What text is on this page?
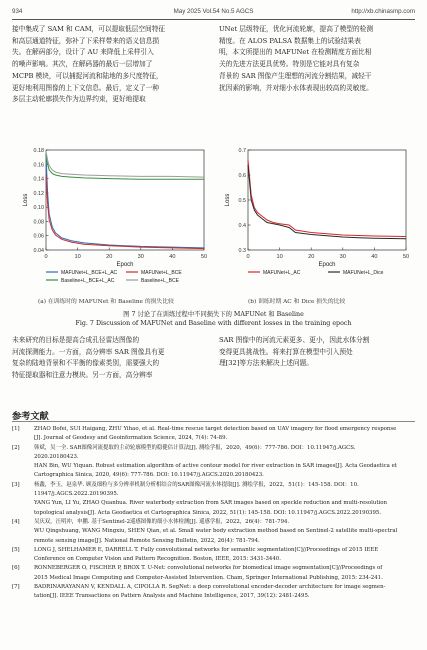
934	May 2025 Vol.54 No.5 AGCS	http://xb.chinasmp.com
接中集成了 SAM 和 CAM，可以提取低层空间特征
和高层通道特征，弥补了下采样带来的语义信息损
失。在解码部分，设计了 AU 来降低上采样引入
的噪声影响。其次，在解码器的最后一层增加了
MCPB 模块，可以捕捉河流和陆地的多尺度特征，
更好地利用图像的上下文信息。最后，定义了一种
多层主动轮廓损失作为边界约束，更好地提取
UNet 层级特征，优化河流轮廓，提高了模型的检测
精度。在 ALOS PALSA 数据集上的试验结果表
明，本文所提出的 MAFUNet 在检测精度方面比相
关的先进方法更具优势。特别是它能对具有复杂
背景的 SAR 图像产生理想的河流分割结果，减轻干
扰因素的影响，并对细小水体表现出较高的灵敏度。
0	10	20	30	40	50
0.04
0.06
0.08
0.10
0.12
0.14
0.16
0.18
Epoch
Loss
MAFUNet+L_BCE+L_AC	MAFUNet+L_BCE
Baseline+L_BCE+L_AC	Baseline+L_BCE
0	10	20	30	40	50
0.3
0.4
0.5
0.6
0.7
Epoch
Loss
MAFUNet+L_AC	MAFUNet+L_Dice
(a) 在训练时的 MAFUNet 和 Baseline 的损失比较	(b) 训练时期 AC 和 Dice 损失的比较
图 7 讨论了在训练过程中不同损失下的 MAFUNet 和 Baseline
Fig. 7 Discussion of MAFUNet and Baseline with different losses in the training epoch
未来研究的目标是提高合成孔径雷达图像的
河流探测能力。一方面，高分辨率 SAR 图像具有更
复杂的陆地背景和不平衡的像素类别，需要强大的
特征提取器和注意力模块。另一方面，高分辨率
SAR 图像中的河流元素更多、更小，因此水体分割
变得更具挑战性。将来打算在模型中引入预处
理[32]等方法来解决上述问题。
参考文献
[1]	ZHAO Bofei, SUI Haigang, ZHU Yihao, et al. Real-time rescue target detection based on UAV imagery for flood emergency response
[J]. Journal of Geodesy and Geoinformation Science, 2024, 7(4): 74-89.
[2]	韩斌，吴一全. SAR图像河流提取的主动轮廓模型的稳健估计算法[J]. 测绘学报，2020，49(6)：777-786. DOI：10.11947/j.AGCS.
2020.20180423.
HAN Bin, WU Yiquan. Robust estimation algorithm of active contour model for river extraction in SAR images[J]. Acta Geodaetica et
Cartographica Sinica, 2020, 49(6): 777-786. DOI: 10.11947/j.AGCS.2020.20180423.
[3]	杨鑫，李玉，赵泉华. 顾及细粒与多分辨率机制分析相结合的SAR图像河流水体提取[J]. 测绘学报，2022，51(1)：145-158. DOI：10.
11947/j.AGCS.2022.20190395.
YANG Yun, LI Yu, ZHAO Quanhua. River waterbody extraction from SAR images based on speckle reduction and multi-resolution
topological analysis[J]. Acta Geodaetica et Cartographica Sinica, 2022, 51(1): 145-158. DOI: 10.11947/j.AGCS.2022.20190395.
[4]	吴庆双，汪明冲，申鹏. 基于Sentinel-2遥感图像的细小水体检测[J]. 遥感学报，2022，26(4)：781-794.
WU Qingshuang, WANG Mingxiu, SHEN Qian, et al. Small water body extraction method based on Sentinel-2 satellite multi-spectral
remote sensing image[J]. National Remote Sensing Bulletin, 2022, 26(4): 781-794.
[5]	LONG J, SHELHAMER E, DARRELL T. Fully convolutional networks for semantic segmentation[C]//Proceedings of 2015 IEEE
Conference on Computer Vision and Pattern Recognition. Boston, IEEE, 2015: 3431-3440.
[6]	RONNEBERGER O, FISCHER P, BROX T. U-Net: convolutional networks for biomedical image segmentation[C]//Proceedings of
2015 Medical Image Computing and Computer-Assisted Intervention. Cham, Springer International Publishing, 2015: 234-241.
[7]	BADRINARAYANAN V, KENDALL A, CIPOLLA R. SegNet: a deep convolutional encoder-decoder architecture for image segmen-
tation[J]. IEEE Transactions on Pattern Analysis and Machine Intelligence, 2017, 39(12): 2481-2495.
